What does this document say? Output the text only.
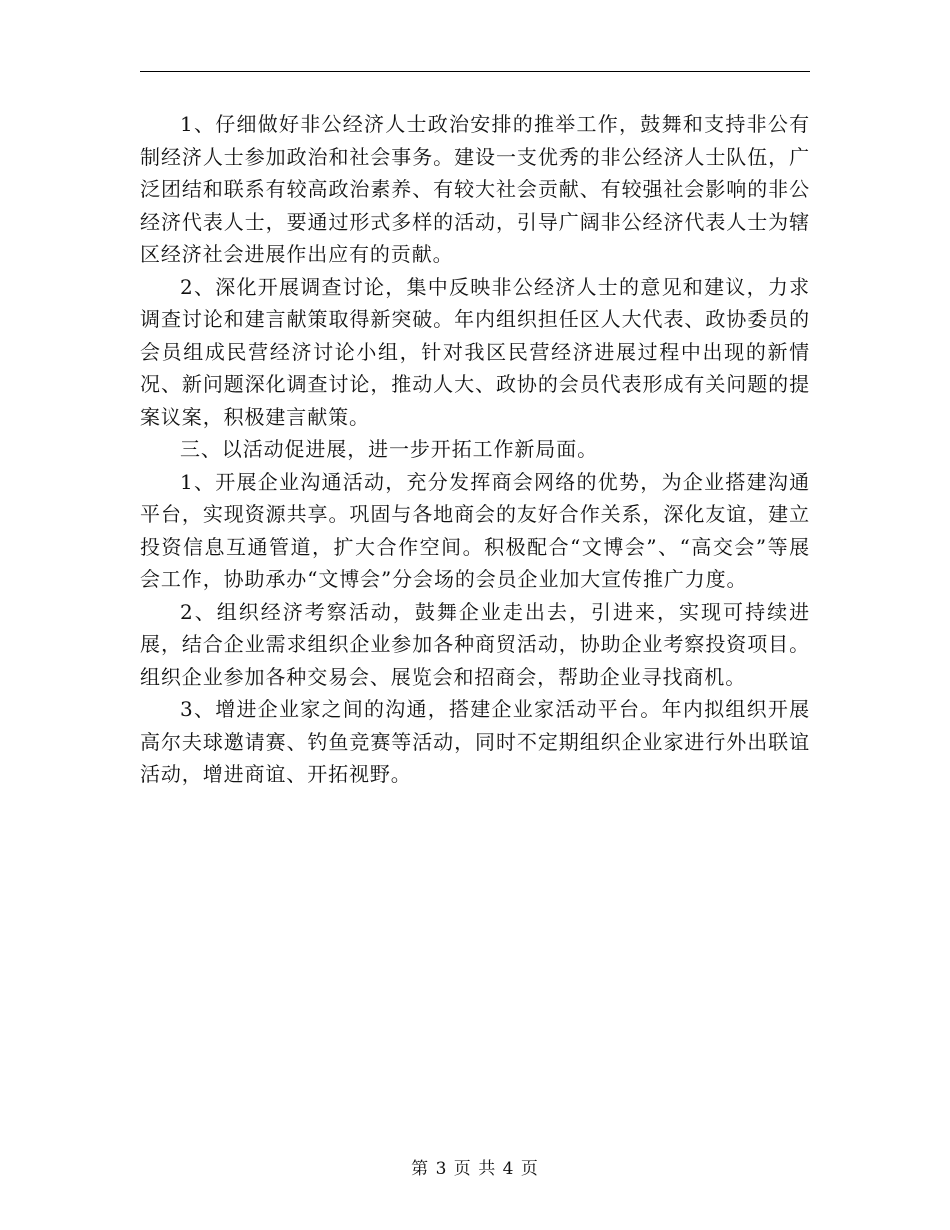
1、仔细做好非公经济人士政治安排的推举工作，鼓舞和支持非公有制经济人士参加政治和社会事务。建设一支优秀的非公经济人士队伍，广泛团结和联系有较高政治素养、有较大社会贡献、有较强社会影响的非公经济代表人士，要通过形式多样的活动，引导广阔非公经济代表人士为辖区经济社会进展作出应有的贡献。

2、深化开展调查讨论，集中反映非公经济人士的意见和建议，力求调查讨论和建言献策取得新突破。年内组织担任区人大代表、政协委员的会员组成民营经济讨论小组，针对我区民营经济进展过程中出现的新情况、新问题深化调查讨论，推动人大、政协的会员代表形成有关问题的提案议案，积极建言献策。

三、以活动促进展，进一步开拓工作新局面。

1、开展企业沟通活动，充分发挥商会网络的优势，为企业搭建沟通平台，实现资源共享。巩固与各地商会的友好合作关系，深化友谊，建立投资信息互通管道，扩大合作空间。积极配合“文博会”、“高交会”等展会工作，协助承办“文博会”分会场的会员企业加大宣传推广力度。

2、组织经济考察活动，鼓舞企业走出去，引进来，实现可持续进展，结合企业需求组织企业参加各种商贸活动，协助企业考察投资项目。组织企业参加各种交易会、展览会和招商会，帮助企业寻找商机。

3、增进企业家之间的沟通，搭建企业家活动平台。年内拟组织开展高尔夫球邀请赛、钓鱼竞赛等活动，同时不定期组织企业家进行外出联谊活动，增进商谊、开拓视野。

第 3 页 共 4 页
